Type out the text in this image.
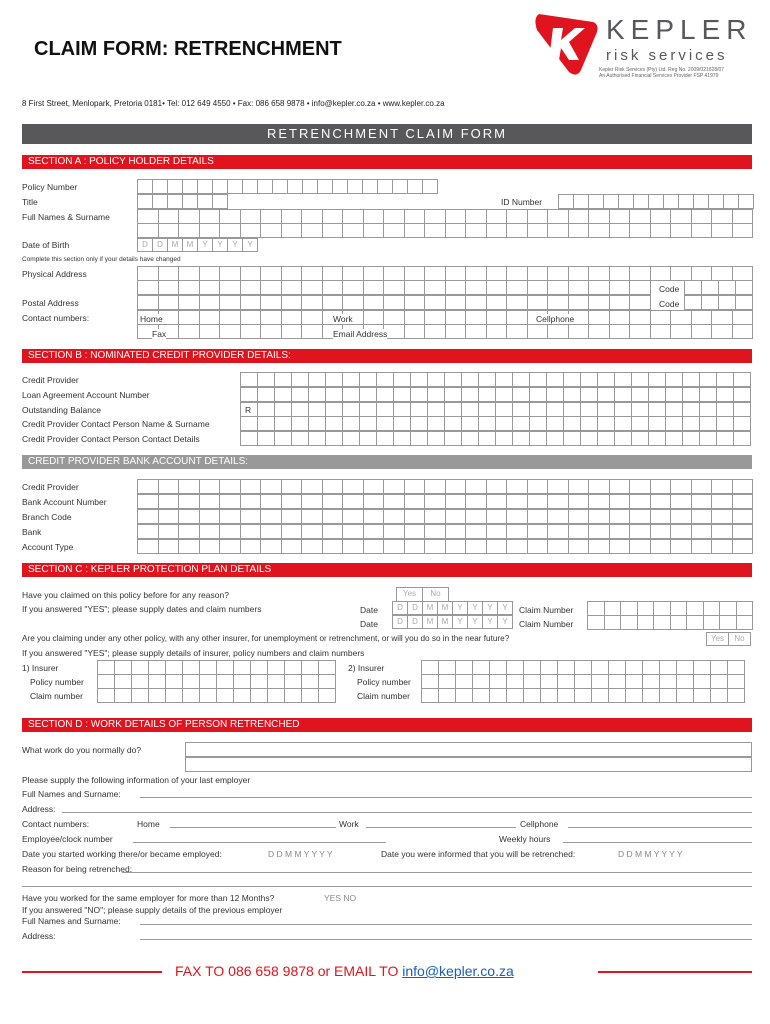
CLAIM FORM: RETRENCHMENT
KEPLER
risk services
Kepler Risk Services (Pty) Ltd. Reg No. 2009/021628/07
An Authorised Financial Services Provider FSP 41979
8 First Street, Menlopark, Pretoria 0181• Tel: 012 649 4550 • Fax: 086 658 9878 • info@kepler.co.za • www.kepler.co.za
RETRENCHMENT CLAIM FORM
SECTION A : POLICY HOLDER DETAILS
Policy Number
Title	ID Number
Full Names & Surname
Date of Birth	D	D	M	M	Y	Y	Y	Y
Complete this section only if your details have changed
Physical Address
Code
Postal Address	Code
Contact numbers:	Home	Work	Cellphone
Fax	Email Address
SECTION B : NOMINATED CREDIT PROVIDER DETAILS:
Credit Provider
Loan Agreement Account Number
Outstanding Balance	R
Credit Provider Contact Person Name & Surname
Credit Provider Contact Person Contact Details
CREDIT PROVIDER BANK ACCOUNT DETAILS:
Credit Provider
Bank Account Number
Branch Code
Bank
Account Type
SECTION C : KEPLER PROTECTION PLAN DETAILS
Have you claimed on this policy before for any reason?	Yes	No
If you answered "YES"; please supply dates and claim numbers	Date	D	D	M	M	Y	Y	Y	Y	Claim Number
Date	D	D	M	M	Y	Y	Y	Y	Claim Number
Are you claiming under any other policy, with any other insurer, for unemployment or retrenchment, or will you do so in the near future?	Yes	No
If you answered "YES"; please supply details of insurer, policy numbers and claim numbers
1) Insurer
Policy number
Claim number
2) Insurer
Policy number
Claim number
SECTION D : WORK DETAILS OF PERSON RETRENCHED
What work do you normally do?
Please supply the following information of your last employer
Full Names and Surname:
Address:
Contact numbers:	Home	Work	Cellphone
Employee/clock number	Weekly hours
Date you started working there/or became employed:	D D M M Y Y Y Y	Date you were informed that you will be retrenched:	D D M M Y Y Y Y
Reason for being retrenched:
Have you worked for the same employer for more than 12 Months?	YES NO
If you answered "NO"; please supply details of the previous employer
Full Names and Surname:
Address:
FAX TO 086 658 9878 or EMAIL TO info@kepler.co.za
